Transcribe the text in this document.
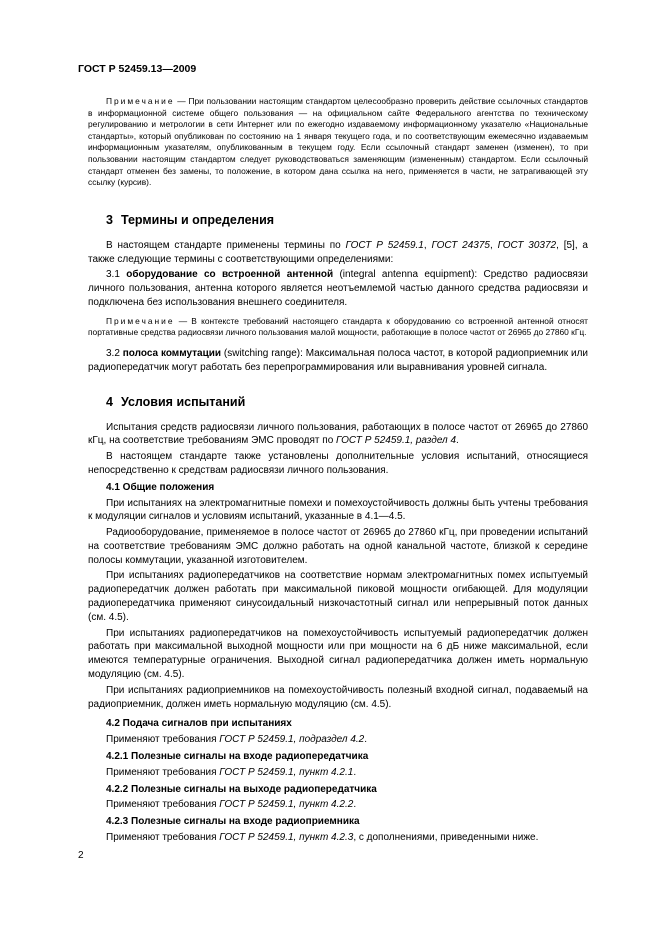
ГОСТ Р 52459.13—2009

Примечание — При пользовании настоящим стандартом целесообразно проверить действие ссылочных стандартов в информационной системе общего пользования — на официальном сайте Федерального агентства по техническому регулированию и метрологии в сети Интернет или по ежегодно издаваемому информационному указателю «Национальные стандарты», который опубликован по состоянию на 1 января текущего года, и по соответствующим ежемесячно издаваемым информационным указателям, опубликованным в текущем году. Если ссылочный стандарт заменен (изменен), то при пользовании настоящим стандартом следует руководствоваться заменяющим (измененным) стандартом. Если ссылочный стандарт отменен без замены, то положение, в котором дана ссылка на него, применяется в части, не затрагивающей эту ссылку (курсив).

3 Термины и определения

В настоящем стандарте применены термины по ГОСТ Р 52459.1, ГОСТ 24375, ГОСТ 30372, [5], а также следующие термины с соответствующими определениями:

3.1 оборудование со встроенной антенной (integral antenna equipment): Средство радиосвязи личного пользования, антенна которого является неотъемлемой частью данного средства радиосвязи и подключена без использования внешнего соединителя.

Примечание — В контексте требований настоящего стандарта к оборудованию со встроенной антенной относят портативные средства радиосвязи личного пользования малой мощности, работающие в полосе частот от 26965 до 27860 кГц.

3.2 полоса коммутации (switching range): Максимальная полоса частот, в которой радиоприемник или радиопередатчик могут работать без перепрограммирования или выравнивания уровней сигнала.

4 Условия испытаний

Испытания средств радиосвязи личного пользования, работающих в полосе частот от 26965 до 27860 кГц, на соответствие требованиям ЭМС проводят по ГОСТ Р 52459.1, раздел 4.

В настоящем стандарте также установлены дополнительные условия испытаний, относящиеся непосредственно к средствам радиосвязи личного пользования.

4.1 Общие положения

При испытаниях на электромагнитные помехи и помехоустойчивость должны быть учтены требования к модуляции сигналов и условиям испытаний, указанные в 4.1—4.5.

Радиооборудование, применяемое в полосе частот от 26965 до 27860 кГц, при проведении испытаний на соответствие требованиям ЭМС должно работать на одной канальной частоте, близкой к середине полосы коммутации, указанной изготовителем.

При испытаниях радиопередатчиков на соответствие нормам электромагнитных помех испытуемый радиопередатчик должен работать при максимальной пиковой мощности огибающей. Для модуляции радиопередатчика применяют синусоидальный низкочастотный сигнал или непрерывный поток данных (см. 4.5).

При испытаниях радиопередатчиков на помехоустойчивость испытуемый радиопередатчик должен работать при максимальной выходной мощности или при мощности на 6 дБ ниже максимальной, если имеются температурные ограничения. Выходной сигнал радиопередатчика должен иметь нормальную модуляцию (см. 4.5).

При испытаниях радиоприемников на помехоустойчивость полезный входной сигнал, подаваемый на радиоприемник, должен иметь нормальную модуляцию (см. 4.5).

4.2 Подача сигналов при испытаниях

Применяют требования ГОСТ Р 52459.1, подраздел 4.2.

4.2.1 Полезные сигналы на входе радиопередатчика

Применяют требования ГОСТ Р 52459.1, пункт 4.2.1.

4.2.2 Полезные сигналы на выходе радиопередатчика

Применяют требования ГОСТ Р 52459.1, пункт 4.2.2.

4.2.3 Полезные сигналы на входе радиоприемника

Применяют требования ГОСТ Р 52459.1, пункт 4.2.3, с дополнениями, приведенными ниже.

2
